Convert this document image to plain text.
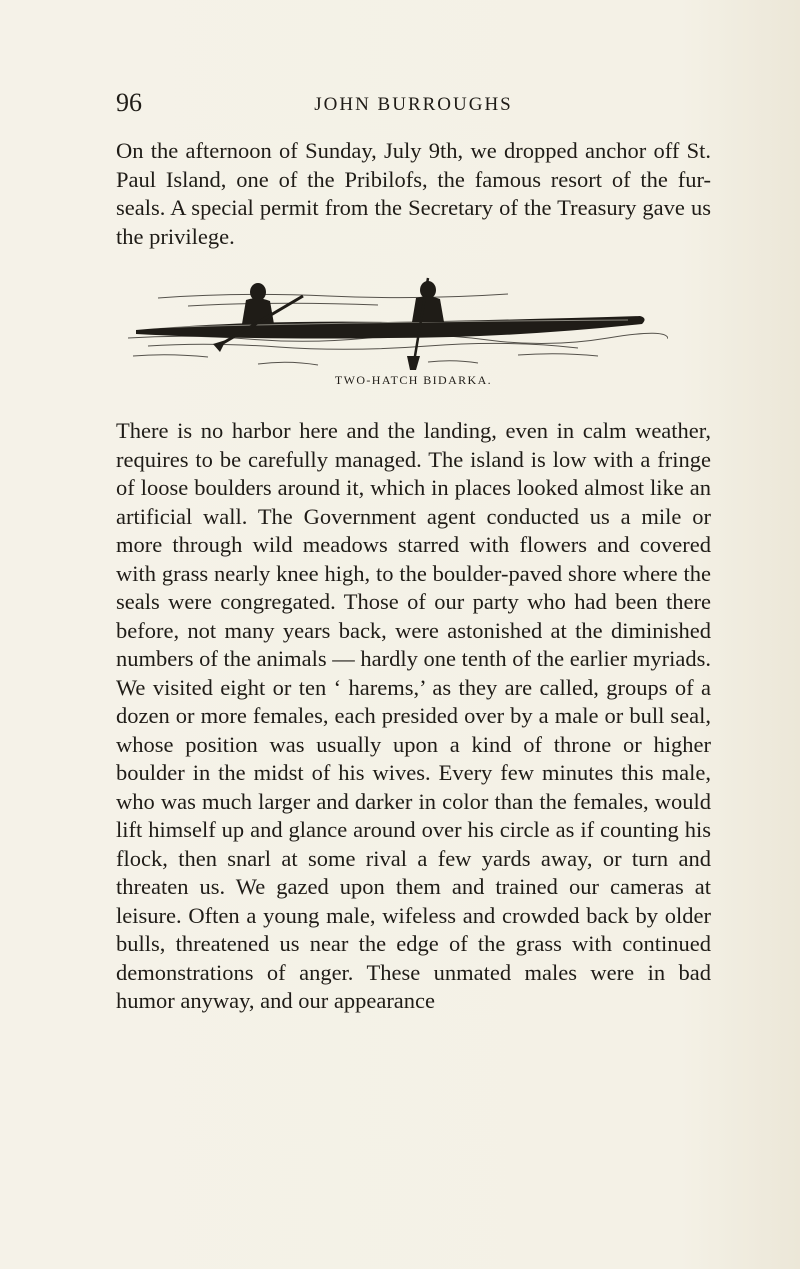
96	JOHN BURROUGHS

On the afternoon of Sunday, July 9th, we dropped anchor off St. Paul Island, one of the Pribilofs, the famous resort of the fur-seals. A special permit from the Secretary of the Treasury gave us the privilege.

TWO-HATCH BIDARKA.

There is no harbor here and the landing, even in calm weather, requires to be carefully managed. The island is low with a fringe of loose boulders around it, which in places looked almost like an artificial wall. The Government agent conducted us a mile or more through wild meadows starred with flowers and covered with grass nearly knee high, to the boulder-paved shore where the seals were congregated. Those of our party who had been there before, not many years back, were astonished at the diminished numbers of the animals — hardly one tenth of the earlier myriads. We visited eight or ten ‘ harems,’ as they are called, groups of a dozen or more females, each presided over by a male or bull seal, whose position was usually upon a kind of throne or higher boulder in the midst of his wives. Every few minutes this male, who was much larger and darker in color than the females, would lift himself up and glance around over his circle as if counting his flock, then snarl at some rival a few yards away, or turn and threaten us. We gazed upon them and trained our cameras at leisure. Often a young male, wifeless and crowded back by older bulls, threatened us near the edge of the grass with continued demonstrations of anger. These unmated males were in bad humor anyway, and our appearance
